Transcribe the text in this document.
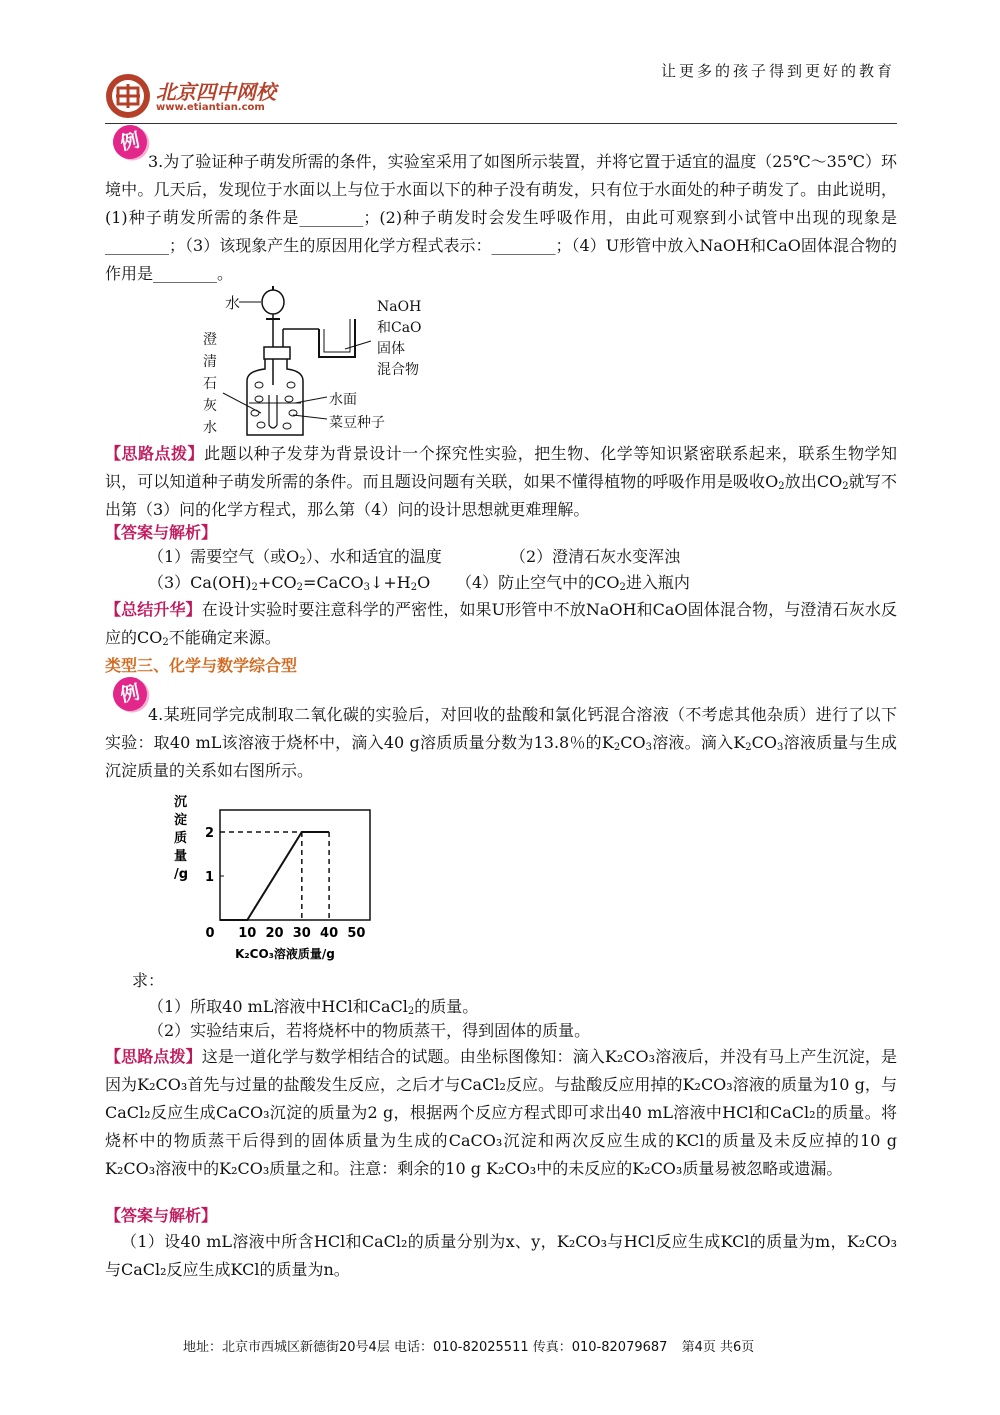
让更多的孩子得到更好的教育
北京四中网校
www.etiantian.com
例
3.为了验证种子萌发所需的条件，实验室采用了如图所示装置，并将它置于适宜的温度（25℃～35℃）环境中。几天后，发现位于水面以上与位于水面以下的种子没有萌发，只有位于水面处的种子萌发了。由此说明，(1)种子萌发所需的条件是________；(2)种子萌发时会发生呼吸作用，由此可观察到小试管中出现的现象是________；（3）该现象产生的原因用化学方程式表示：________；（4）U形管中放入NaOH和CaO固体混合物的作用是________。
水	NaOH
和CaO
固体
混合物
澄
清
石
灰
水
水面
菜豆种子
【思路点拨】此题以种子发芽为背景设计一个探究性实验，把生物、化学等知识紧密联系起来，联系生物学知识，可以知道种子萌发所需的条件。而且题设问题有关联，如果不懂得植物的呼吸作用是吸收$O_2$放出$CO_2$就写不出第（3）问的化学方程式，那么第（4）问的设计思想就更难理解。
【答案与解析】
（1）需要空气（或$O_2$）、水和适宜的温度	（2）澄清石灰水变浑浊
$(3)Ca(OH)_2+CO_2=CaCO_3↓+H_2O$ （4）防止空气中的$CO_2$进入瓶内
【总结升华】在设计实验时要注意科学的严密性，如果U形管中不放NaOH和CaO固体混合物，与澄清石灰水反应的$CO_2$不能确定来源。
类型三、化学与数学综合型
例
4.某班同学完成制取二氧化碳的实验后，对回收的盐酸和氯化钙混合溶液（不考虑其他杂质）进行了以下实验：取40 mL该溶液于烧杯中，滴入40 g溶质质量分数为13.8％的$K_2CO_3$溶液。滴入$K_2CO_3$溶液质量与生成沉淀质量的关系如右图所示。
0 10 20 30 40 50
1
2
沉
淀
质
量
/g
K₂CO₃溶液质量/g
求：
（1）所取40 mL溶液中HCl和CaCl$_2$的质量。
（2）实验结束后，若将烧杯中的物质蒸干，得到固体的质量。
【思路点拨】这是一道化学与数学相结合的试题。由坐标图像知：滴入K₂CO₃溶液后，并没有马上产生沉淀，是因为K₂CO₃首先与过量的盐酸发生反应，之后才与CaCl₂反应。与盐酸反应用掉的K₂CO₃溶液的质量为10 g，与CaCl₂反应生成CaCO₃沉淀的质量为2 g，根据两个反应方程式即可求出40 mL溶液中HCl和CaCl₂的质量。将烧杯中的物质蒸干后得到的固体质量为生成的CaCO₃沉淀和两次反应生成的KCl的质量及未反应掉的10 g K₂CO₃溶液中的K₂CO₃质量之和。注意：剩余的10 g K₂CO₃中的未反应的K₂CO₃质量易被忽略或遗漏。
【答案与解析】
（1）设40 mL溶液中所含HCl和CaCl₂的质量分别为x、y，K₂CO₃与HCl反应生成KCl的质量为m，K₂CO₃与CaCl₂反应生成KCl的质量为n。
地址：北京市西城区新德街20号4层 电话：010-82025511 传真：010-82079687 第4页 共6页
